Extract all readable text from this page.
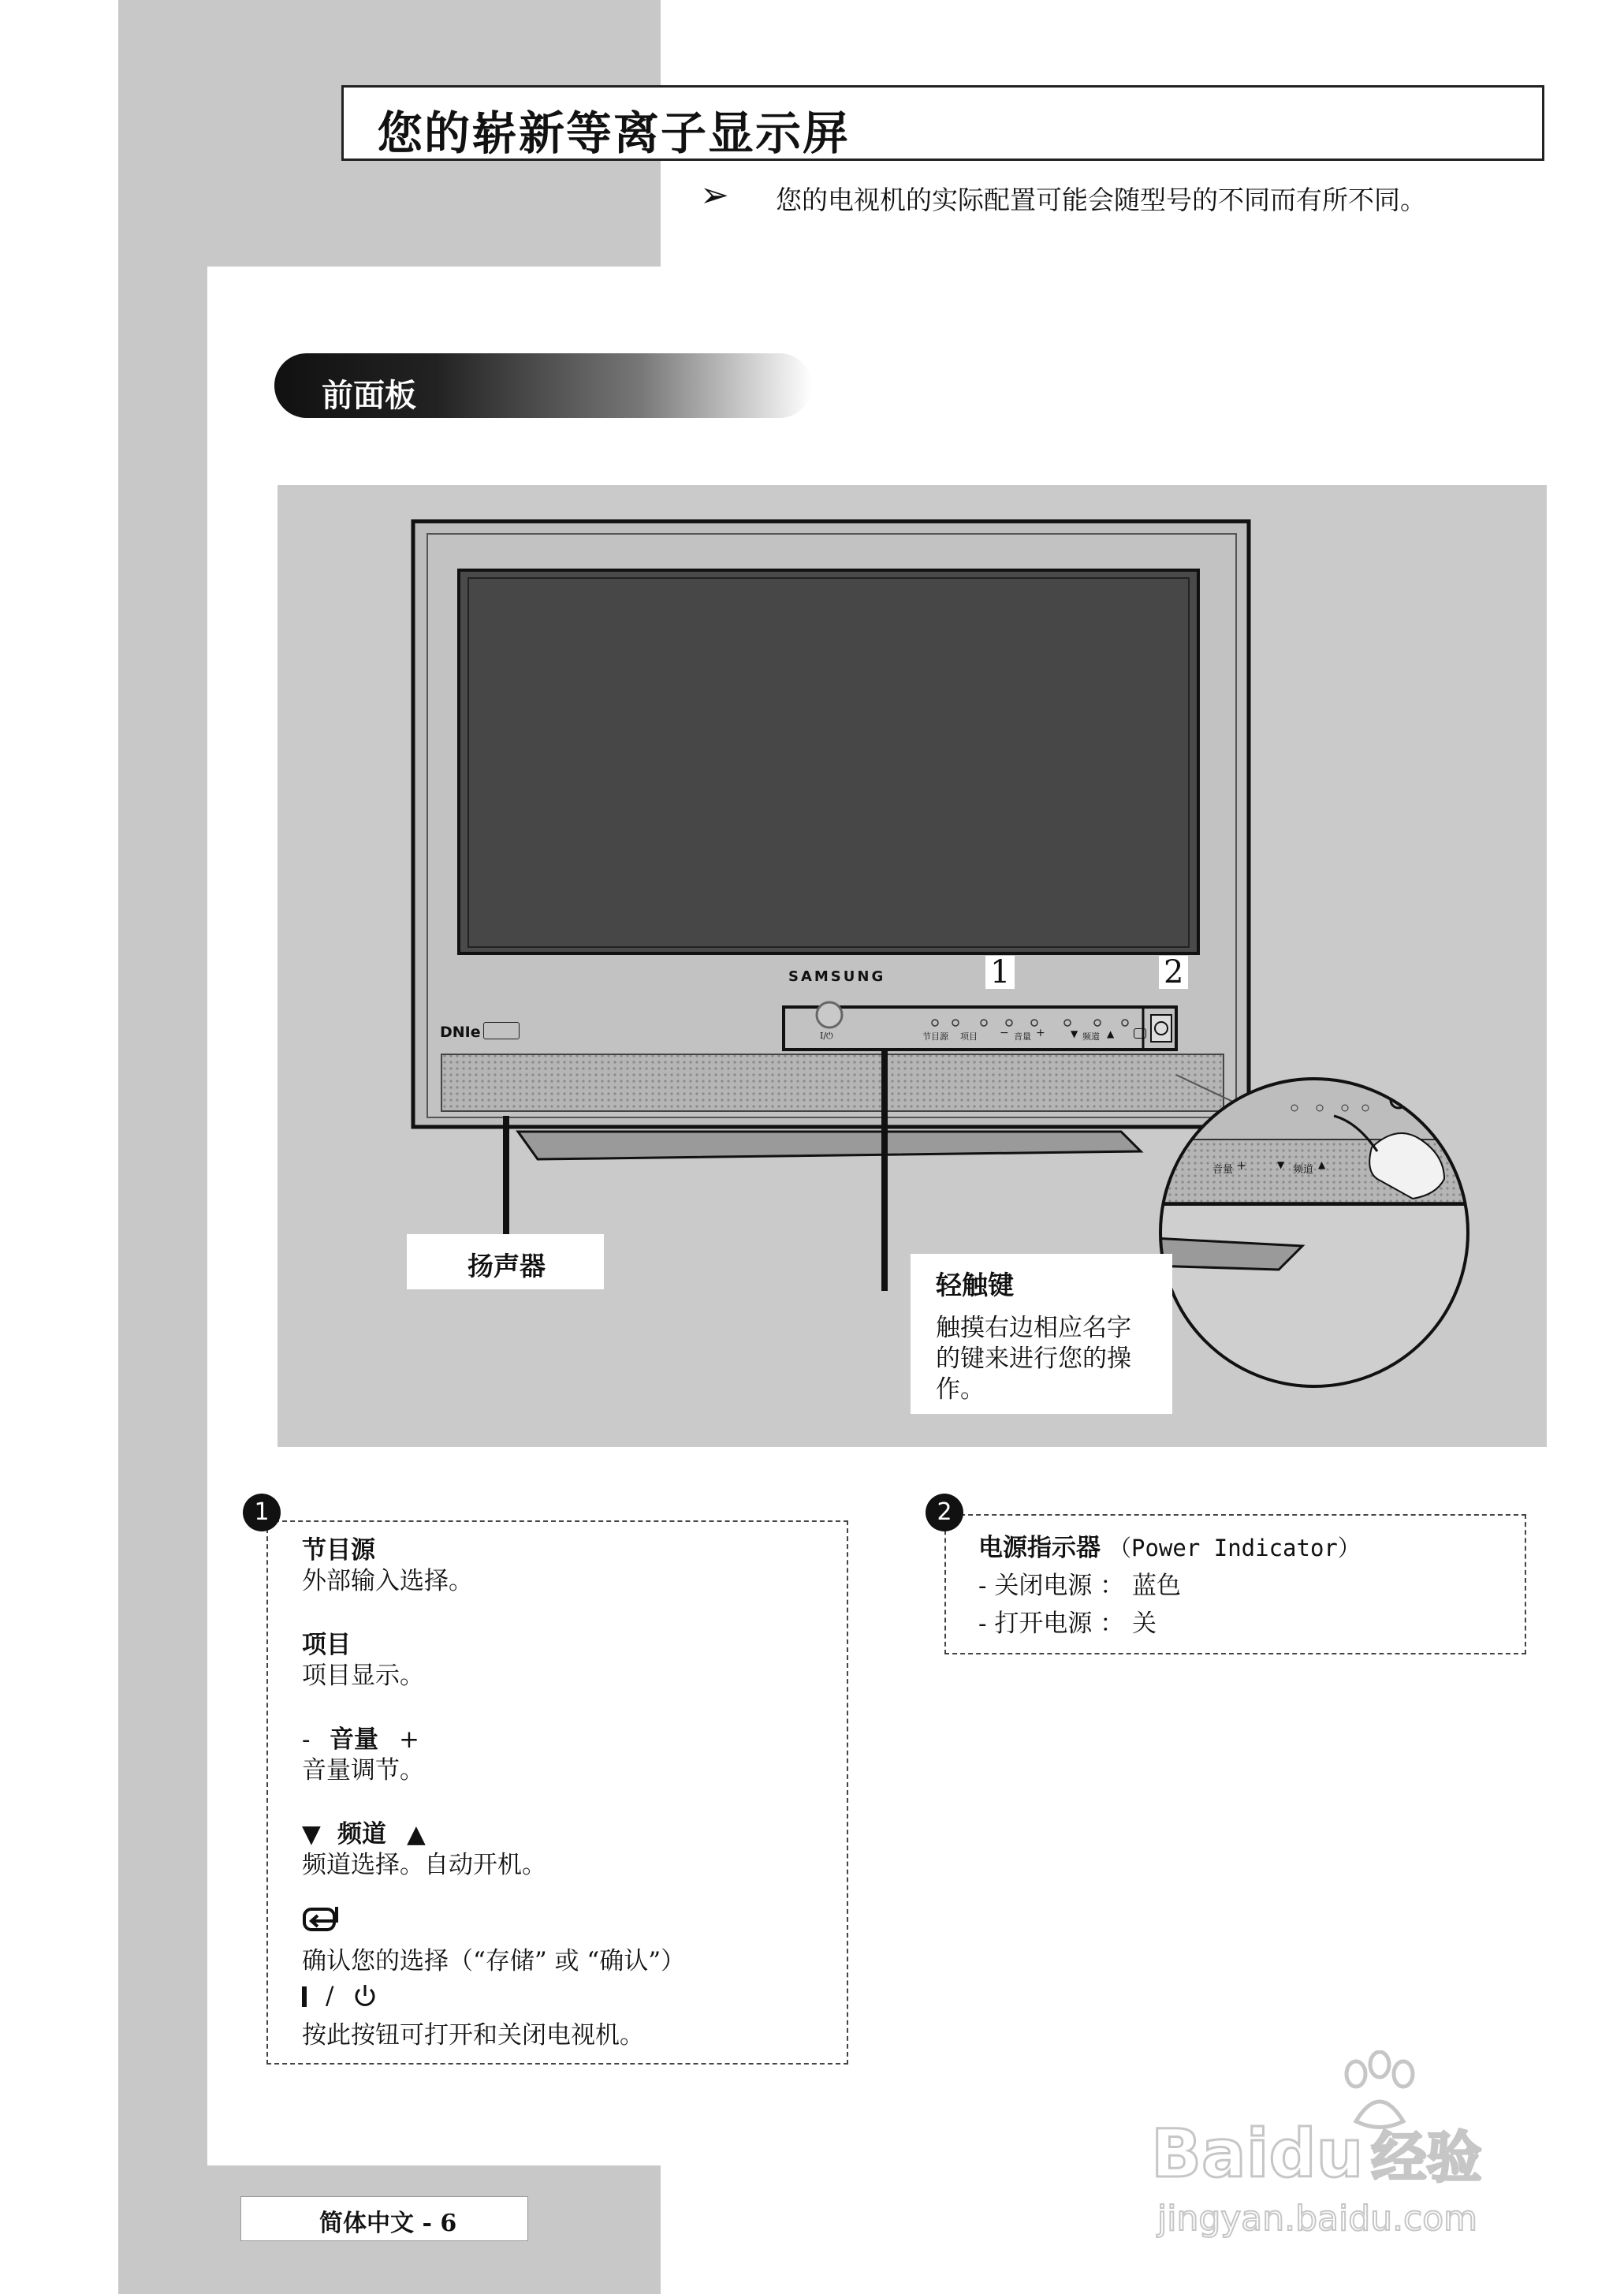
您的崭新等离子显示屏
➢ 您的电视机的实际配置可能会随型号的不同而有所不同。
前面板
SAMSUNG
DNIe
1	2
I/⏻	节目源 项目 − 音量 +	▼ 频道 ▲
音量 +	▼ 频道 ▲
扬声器
轻触键
触摸右边相应名字
的键来进行您的操
作。
1
节目源
外部输入选择。
项目
项目显示。
- 音量 +
音量调节。
▼ 频道 ▲
频道选择。自动开机。
确认您的选择（“存储” 或 “确认”）
/
按此按钮可打开和关闭电视机。
2
电源指示器 （Power Indicator）
- 关闭电源 ： 蓝色
- 打开电源 ： 关
简体中文 - 6
Baidu 经验
jingyan.baidu.com
